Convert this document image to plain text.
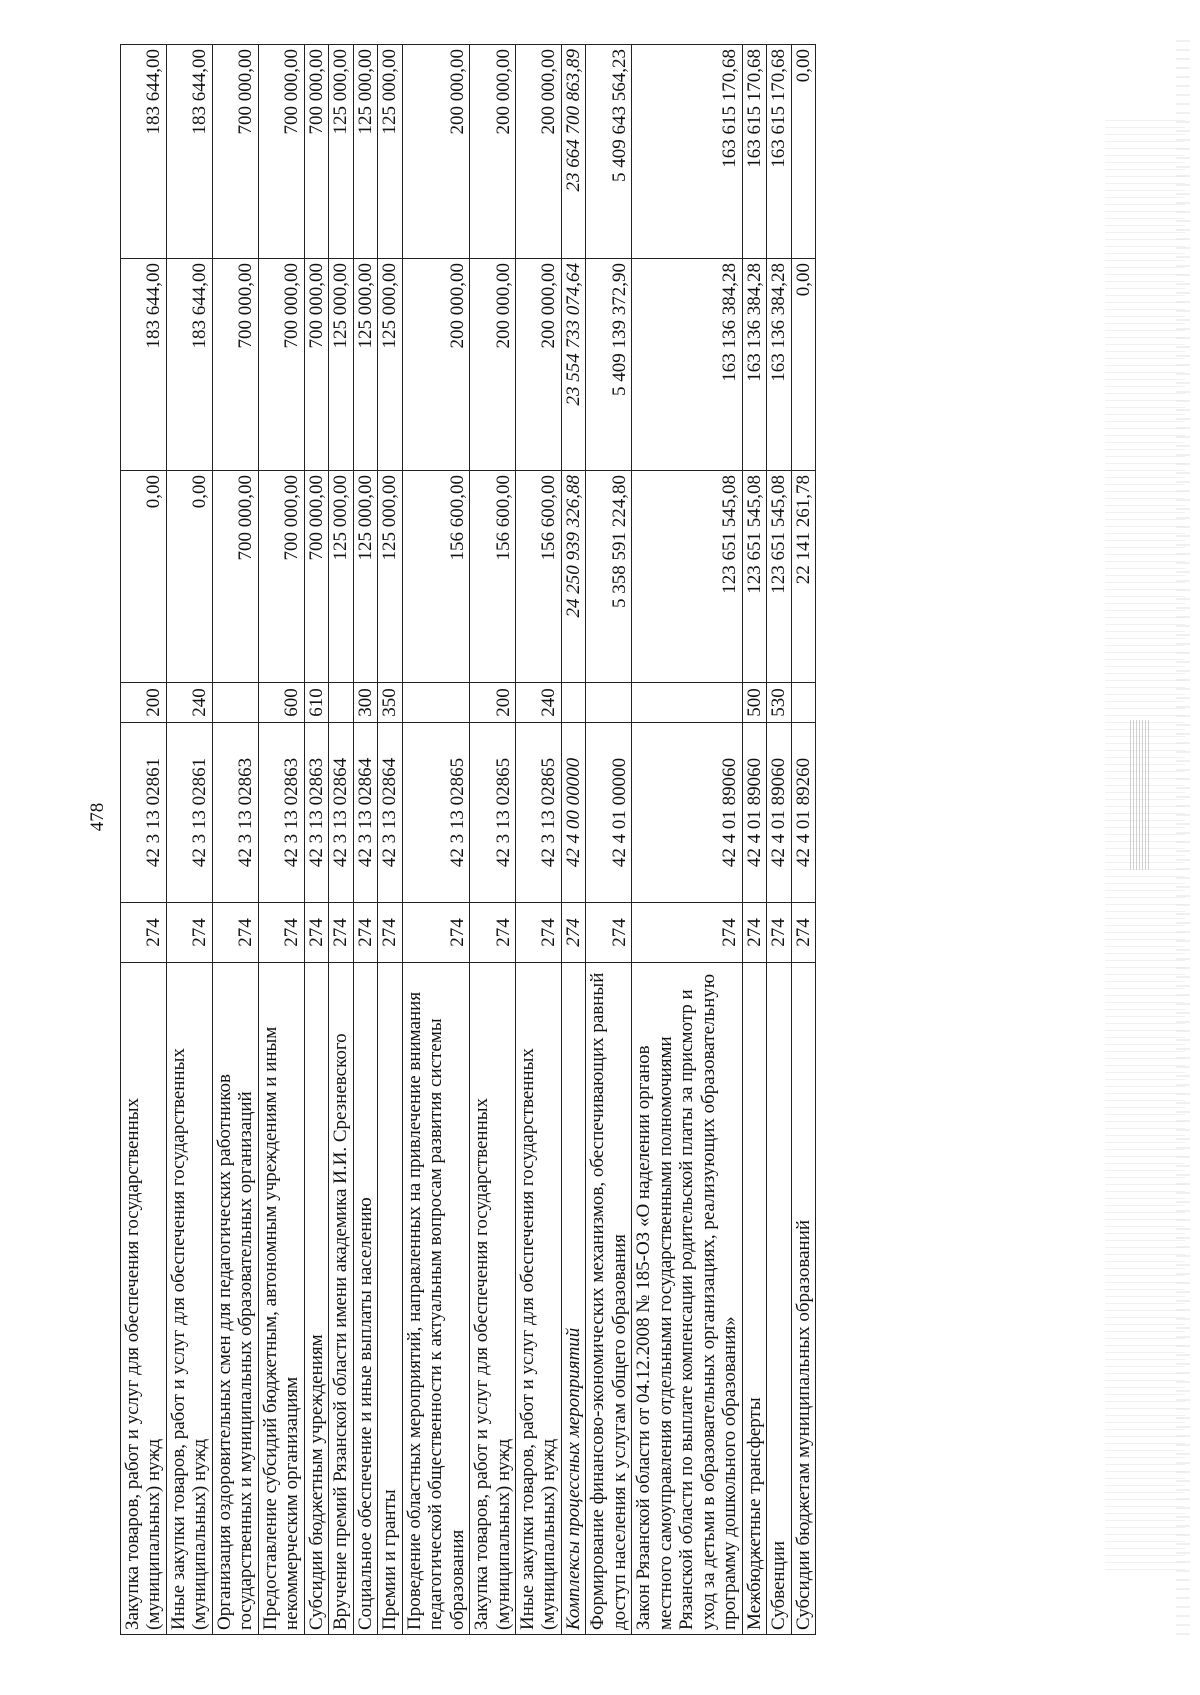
478
Закупка товаров, работ и услуг для обеспечения государственных (муниципальных) нужд	274	42 3 13 02861	200	0,00	183 644,00	183 644,00
Иные закупки товаров, работ и услуг для обеспечения государственных (муниципальных) нужд	274	42 3 13 02861	240	0,00	183 644,00	183 644,00
Организация оздоровительных смен для педагогических работников государственных и муниципальных образовательных организаций	274	42 3 13 02863		700 000,00	700 000,00	700 000,00
Предоставление субсидий бюджетным, автономным учреждениям и иным некоммерческим организациям	274	42 3 13 02863	600	700 000,00	700 000,00	700 000,00
Субсидии бюджетным учреждениям	274	42 3 13 02863	610	700 000,00	700 000,00	700 000,00
Вручение премий Рязанской области имени академика И.И. Срезневского	274	42 3 13 02864		125 000,00	125 000,00	125 000,00
Социальное обеспечение и иные выплаты населению	274	42 3 13 02864	300	125 000,00	125 000,00	125 000,00
Премии и гранты	274	42 3 13 02864	350	125 000,00	125 000,00	125 000,00
Проведение областных мероприятий, направленных на привлечение внимания педагогической общественности к актуальным вопросам развития системы образования	274	42 3 13 02865		156 600,00	200 000,00	200 000,00
Закупка товаров, работ и услуг для обеспечения государственных (муниципальных) нужд	274	42 3 13 02865	200	156 600,00	200 000,00	200 000,00
Иные закупки товаров, работ и услуг для обеспечения государственных (муниципальных) нужд	274	42 3 13 02865	240	156 600,00	200 000,00	200 000,00
Комплексы процессных мероприятий	274	42 4 00 00000		24 250 939 326,88	23 554 733 074,64	23 664 700 863,89
Формирование финансово-экономических механизмов, обеспечивающих равный доступ населения к услугам общего образования	274	42 4 01 00000		5 358 591 224,80	5 409 139 372,90	5 409 643 564,23
Закон Рязанской области от 04.12.2008 № 185-ОЗ «О наделении органов местного самоуправления отдельными государственными полномочиями Рязанской области по выплате компенсации родительской платы за присмотр и уход за детьми в образовательных организациях, реализующих образовательную программу дошкольного образования»	274	42 4 01 89060		123 651 545,08	163 136 384,28	163 615 170,68
Межбюджетные трансферты	274	42 4 01 89060	500	123 651 545,08	163 136 384,28	163 615 170,68
Субвенции	274	42 4 01 89060	530	123 651 545,08	163 136 384,28	163 615 170,68
Субсидии бюджетам муниципальных образований	274	42 4 01 89260		22 141 261,78	0,00	0,00
